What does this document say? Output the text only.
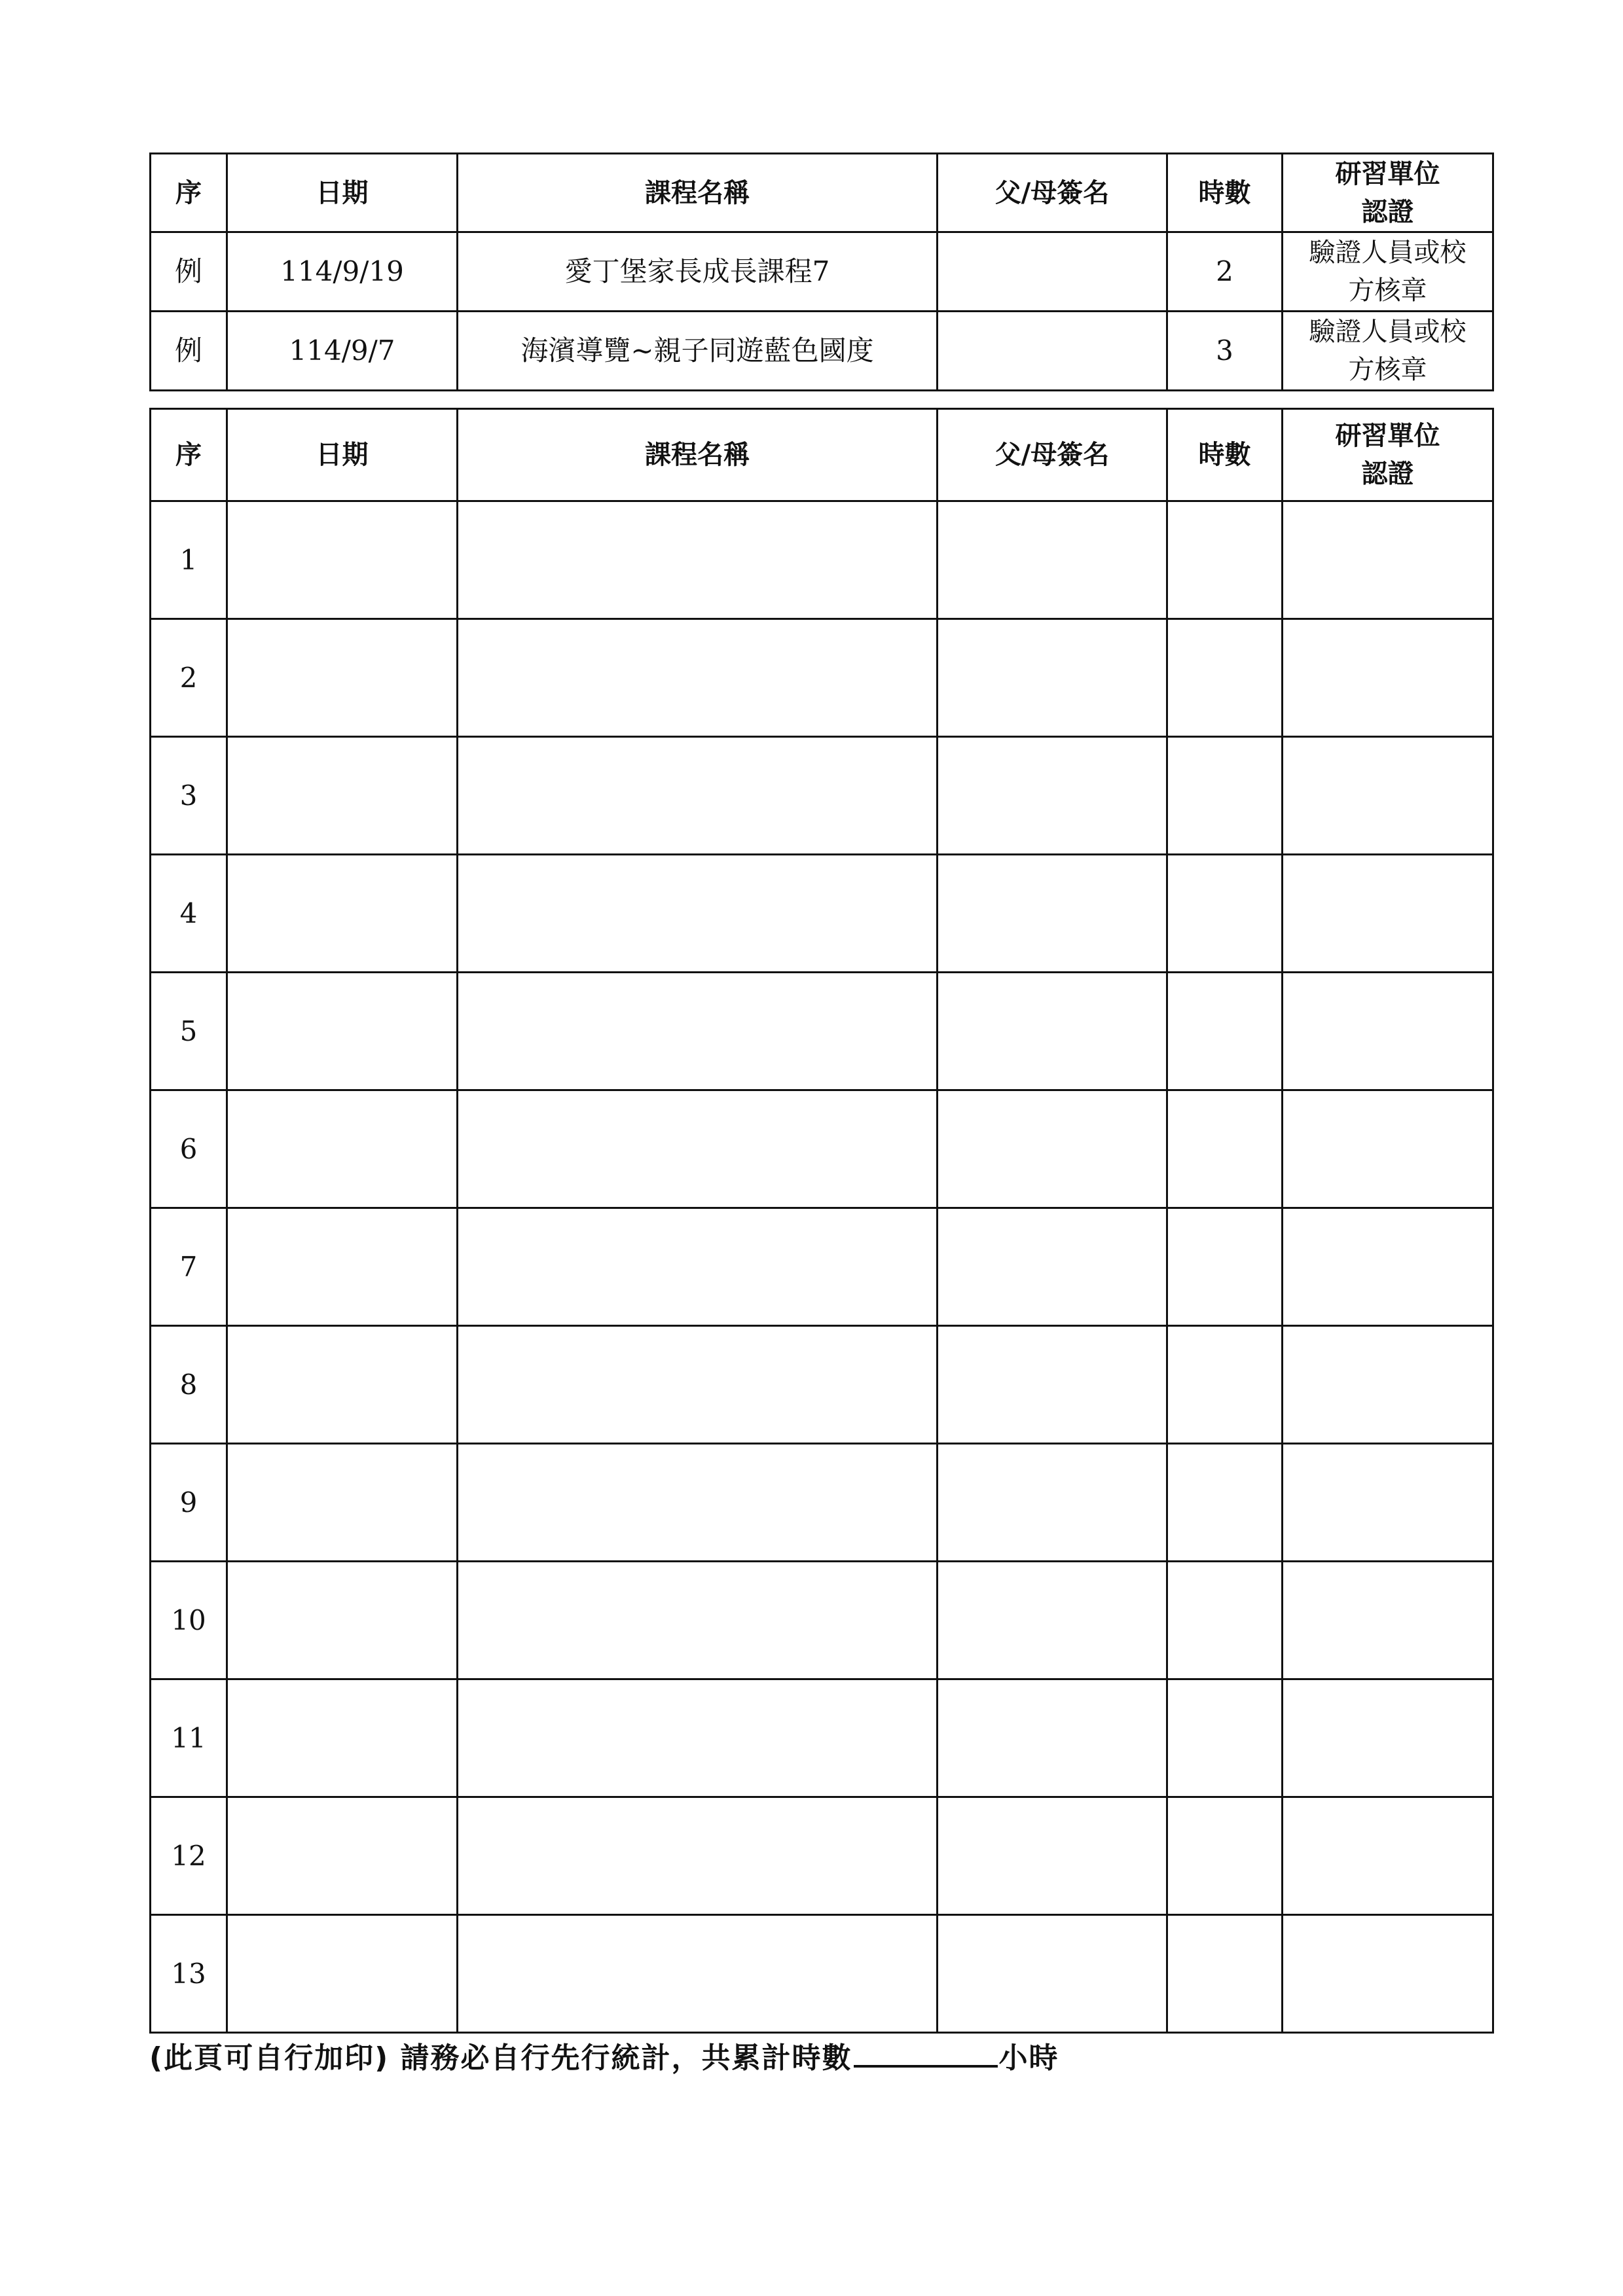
序	日期	課程名稱	父/母簽名	時數	研習單位
認證

例	114/9/19	愛丁堡家長成長課程7		2	驗證人員或校
方核章

例	114/9/7	海濱導覽~親子同遊藍色國度		3	驗證人員或校
方核章
序	日期	課程名稱	父/母簽名	時數	研習單位
認證

1					
2					
3					
4					
5					
6					
7					
8					
9					
10					
11					
12					
13					
(此頁可自行加印) 請務必自行先行統計，共累計時數	小時
